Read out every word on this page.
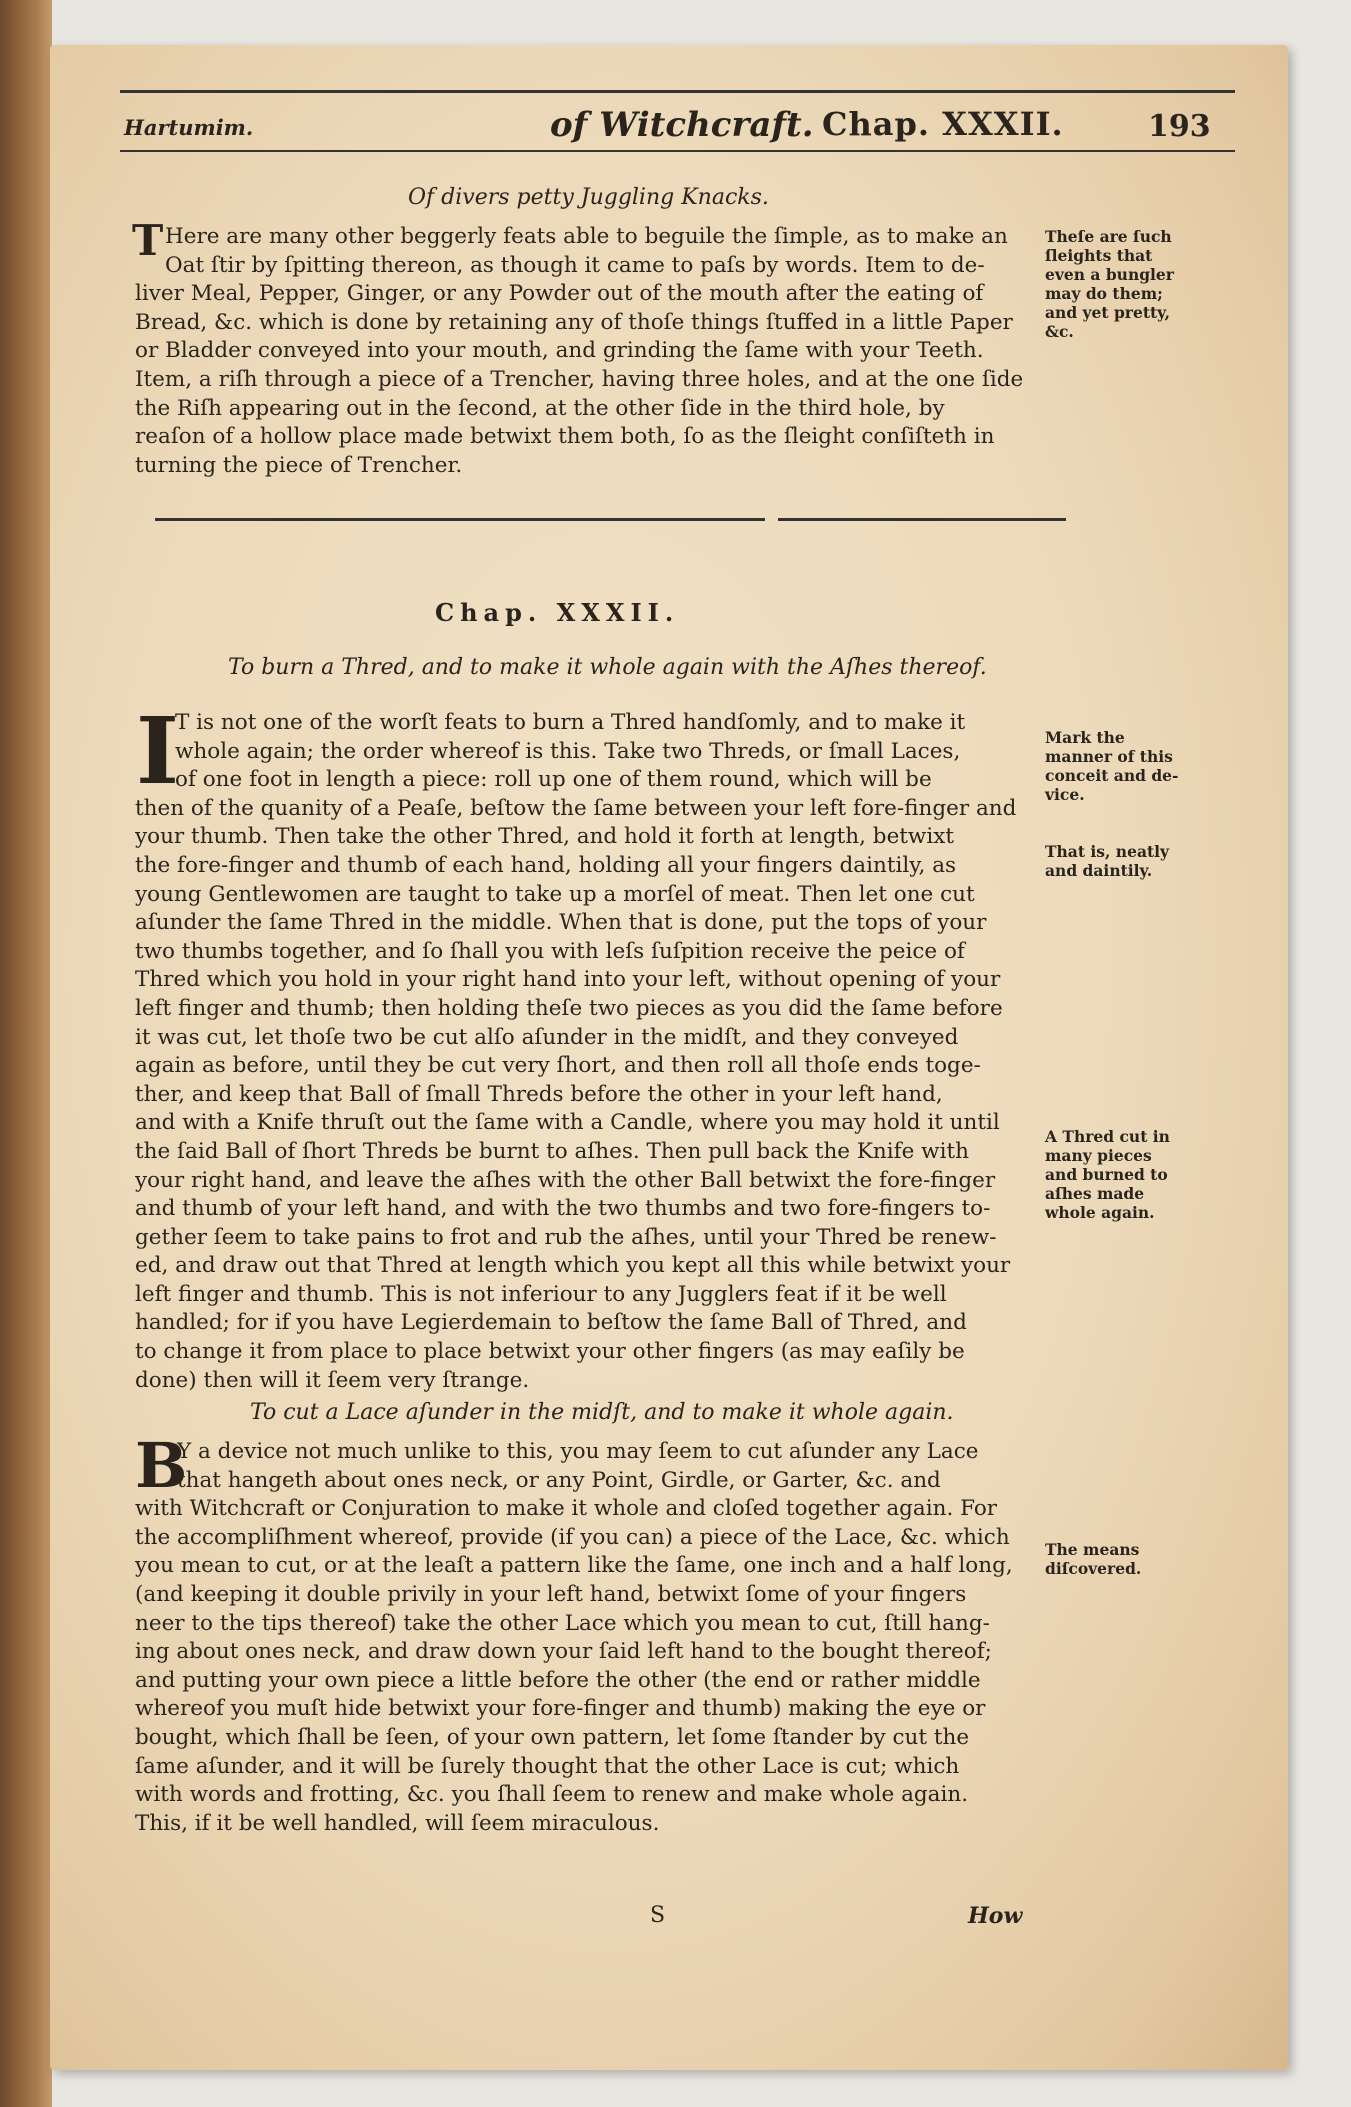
Hartumim.	of Witchcraft. Chap. XXXII.	193
Of divers petty Juggling Knacks.
T Here are many other beggerly feats able to beguile the ſimple, as to make an
Oat ſtir by ſpitting thereon, as though it came to paſs by words. Item to de-
liver Meal, Pepper, Ginger, or any Powder out of the mouth after the eating of
Bread, &c. which is done by retaining any of thoſe things ſtuffed in a little Paper
or Bladder conveyed into your mouth, and grinding the ſame with your Teeth.
Item, a riſh through a piece of a Trencher, having three holes, and at the one ſide
the Riſh appearing out in the ſecond, at the other ſide in the third hole, by
reaſon of a hollow place made betwixt them both, ſo as the ſleight conſiſteth in
turning the piece of Trencher.
Theſe are ſuch
ſleights that
even a bungler
may do them;
and yet pretty,
&c.
Chap. XXXII.
To burn a Thred, and to make it whole again with the Aſhes thereof.
I
T is not one of the worſt feats to burn a Thred handſomly, and to make it
whole again; the order whereof is this. Take two Threds, or ſmall Laces,
of one foot in length a piece: roll up one of them round, which will be
then of the quanity of a Peaſe, beſtow the ſame between your left fore-finger and
your thumb. Then take the other Thred, and hold it forth at length, betwixt
the fore-finger and thumb of each hand, holding all your fingers daintily, as
young Gentlewomen are taught to take up a morſel of meat. Then let one cut
aſunder the ſame Thred in the middle. When that is done, put the tops of your
two thumbs together, and ſo ſhall you with leſs ſuſpition receive the peice of
Thred which you hold in your right hand into your left, without opening of your
left finger and thumb; then holding theſe two pieces as you did the ſame before
it was cut, let thoſe two be cut alſo aſunder in the midſt, and they conveyed
again as before, until they be cut very ſhort, and then roll all thoſe ends toge-
ther, and keep that Ball of ſmall Threds before the other in your left hand,
and with a Knife thruſt out the ſame with a Candle, where you may hold it until
the ſaid Ball of ſhort Threds be burnt to aſhes. Then pull back the Knife with
your right hand, and leave the aſhes with the other Ball betwixt the fore-finger
and thumb of your left hand, and with the two thumbs and two fore-fingers to-
gether ſeem to take pains to frot and rub the aſhes, until your Thred be renew-
ed, and draw out that Thred at length which you kept all this while betwixt your
left finger and thumb. This is not inferiour to any Jugglers feat if it be well
handled; for if you have Legierdemain to beſtow the ſame Ball of Thred, and
to change it from place to place betwixt your other fingers (as may eaſily be
done) then will it ſeem very ſtrange.
Mark the
manner of this
conceit and de-
vice.
That is, neatly
and daintily.
A Thred cut in
many pieces
and burned to
aſhes made
whole again.
To cut a Lace aſunder in the midſt, and to make it whole again.
B
Y a device not much unlike to this, you may ſeem to cut aſunder any Lace
that hangeth about ones neck, or any Point, Girdle, or Garter, &c. and
with Witchcraft or Conjuration to make it whole and cloſed together again. For
the accompliſhment whereof, provide (if you can) a piece of the Lace, &c. which
you mean to cut, or at the leaſt a pattern like the ſame, one inch and a half long,
(and keeping it double privily in your left hand, betwixt ſome of your fingers
neer to the tips thereof) take the other Lace which you mean to cut, ſtill hang-
ing about ones neck, and draw down your ſaid left hand to the bought thereof;
and putting your own piece a little before the other (the end or rather middle
whereof you muſt hide betwixt your fore-finger and thumb) making the eye or
bought, which ſhall be ſeen, of your own pattern, let ſome ſtander by cut the
ſame aſunder, and it will be ſurely thought that the other Lace is cut; which
with words and frotting, &c. you ſhall ſeem to renew and make whole again.
This, if it be well handled, will ſeem miraculous.
The means
diſcovered.
S	How
